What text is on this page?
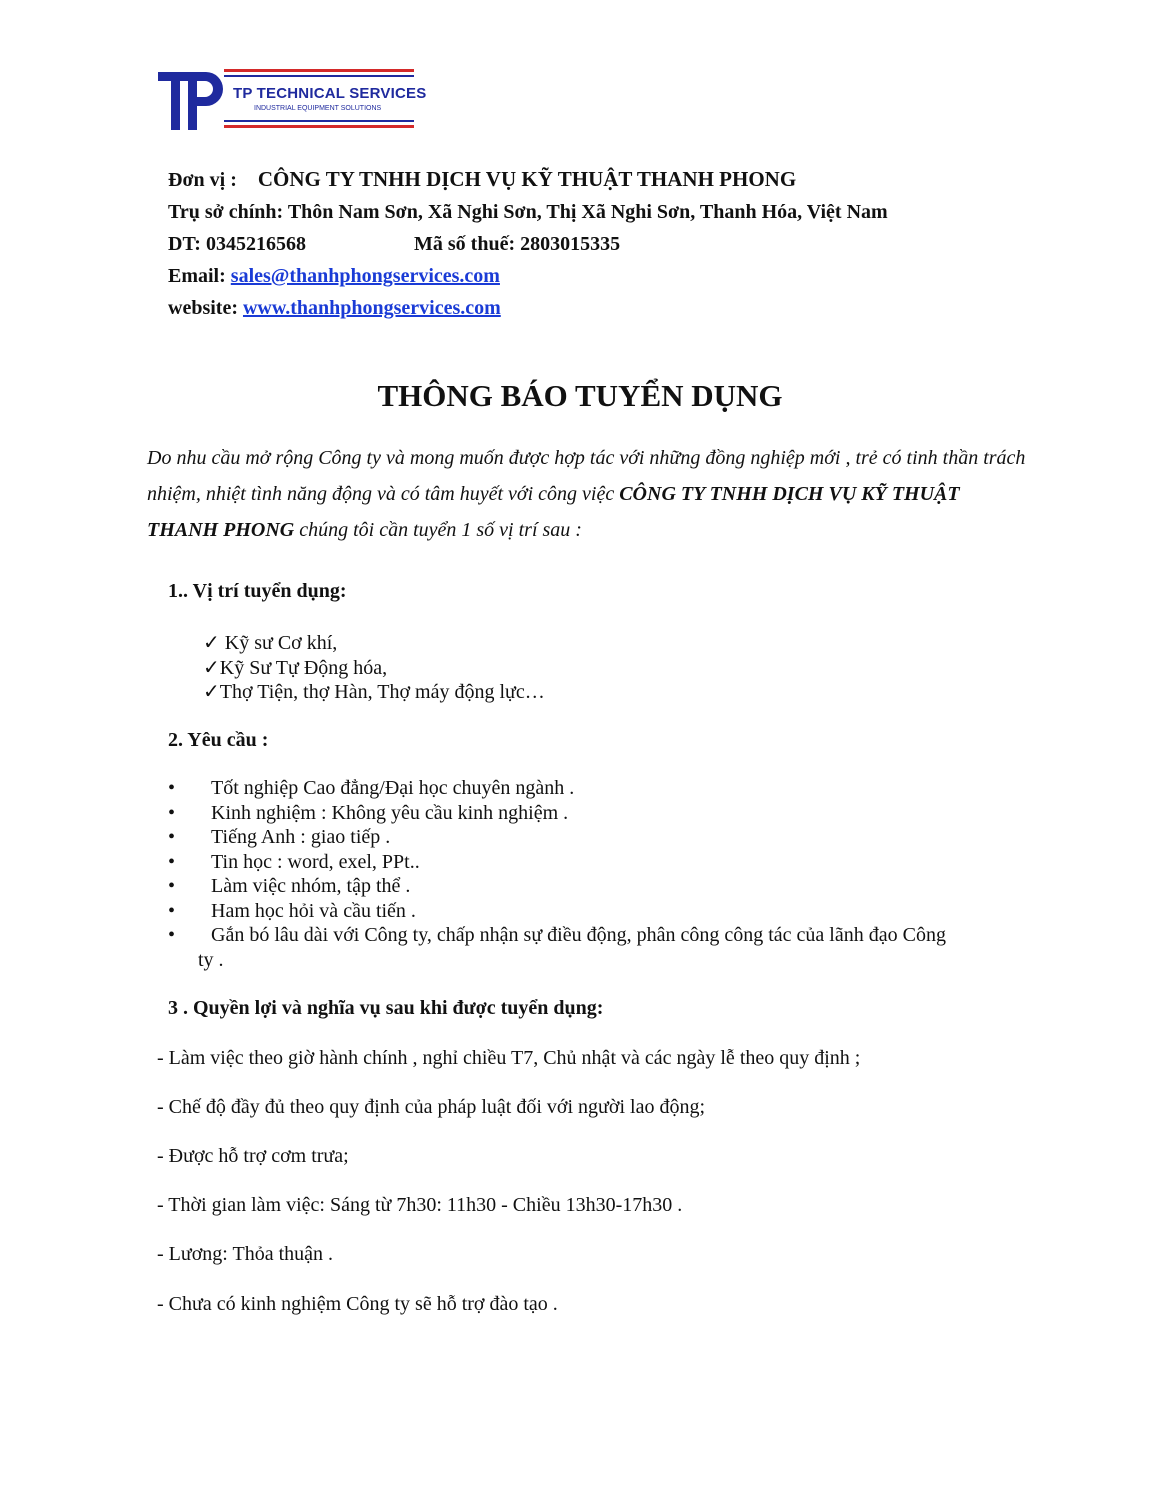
TP TECHNICAL SERVICES
INDUSTRIAL EQUIPMENT SOLUTIONS
Đơn vị : CÔNG TY TNHH DỊCH VỤ KỸ THUẬT THANH PHONG
Trụ sở chính: Thôn Nam Sơn, Xã Nghi Sơn, Thị Xã Nghi Sơn, Thanh Hóa, Việt Nam
DT: 0345216568	Mã số thuế: 2803015335
Email: sales@thanhphongservices.com
website: www.thanhphongservices.com
THÔNG BÁO TUYỂN DỤNG
Do nhu cầu mở rộng Công ty và mong muốn được hợp tác với những đồng nghiệp mới , trẻ có tinh thần trách nhiệm, nhiệt tình năng động và có tâm huyết với công việc CÔNG TY TNHH DỊCH VỤ KỸ THUẬT THANH PHONG chúng tôi cần tuyển 1 số vị trí sau :
1.. Vị trí tuyển dụng:
✓ Kỹ sư Cơ khí,
✓Kỹ Sư Tự Động hóa,
✓Thợ Tiện, thợ Hàn, Thợ máy động lực…
2. Yêu cầu :
• Tốt nghiệp Cao đẳng/Đại học chuyên ngành .
• Kinh nghiệm : Không yêu cầu kinh nghiệm .
• Tiếng Anh : giao tiếp .
• Tin học : word, exel, PPt..
• Làm việc nhóm, tập thể .
• Ham học hỏi và cầu tiến .
• Gắn bó lâu dài với Công ty, chấp nhận sự điều động, phân công công tác của lãnh đạo Công
ty .
3 . Quyền lợi và nghĩa vụ sau khi được tuyển dụng:
- Làm việc theo giờ hành chính , nghỉ chiều T7, Chủ nhật và các ngày lễ theo quy định ;
- Chế độ đầy đủ theo quy định của pháp luật đối với người lao động;
- Được hỗ trợ cơm trưa;
- Thời gian làm việc: Sáng từ 7h30: 11h30 - Chiều 13h30-17h30 .
- Lương: Thỏa thuận .
- Chưa có kinh nghiệm Công ty sẽ hỗ trợ đào tạo .
